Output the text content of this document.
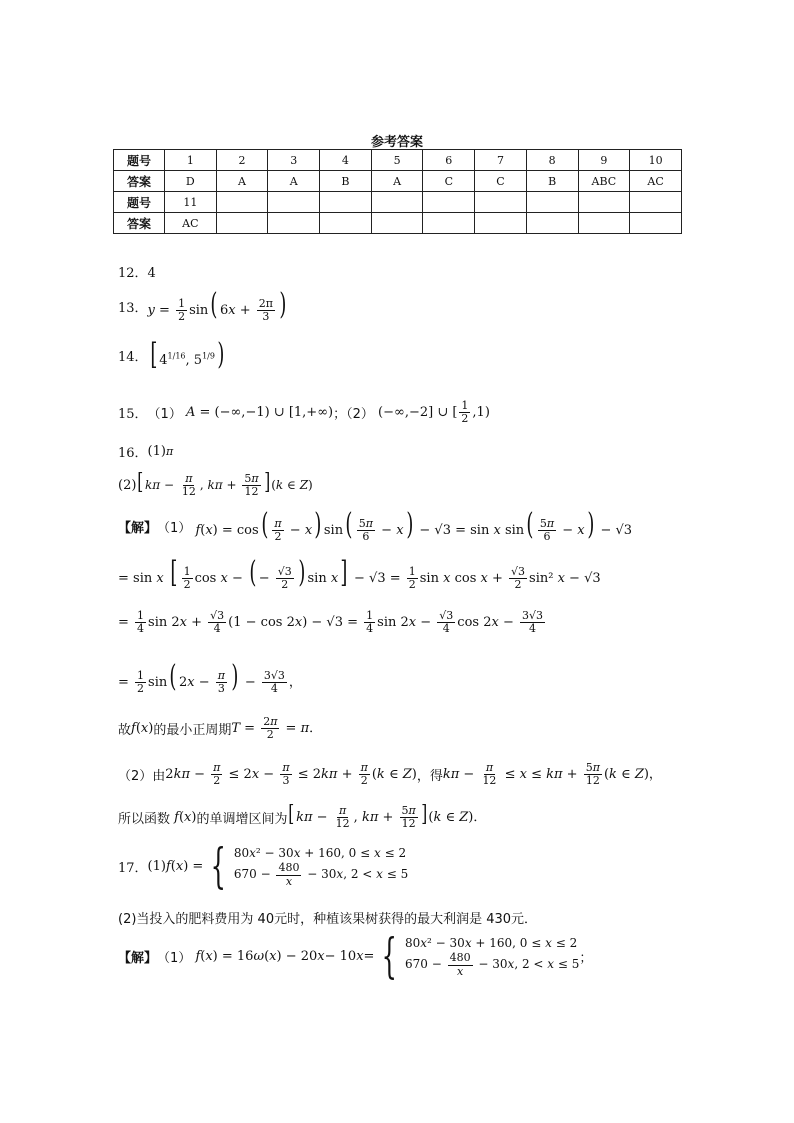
参考答案
题号	1	2	3	4	5	6	7	8	9	10
答案	D	A	A	B	A	C	C	B	ABC	AC
题号	11									
答案	AC									
12．4
13． $y = \frac{1}{2} \sin$( $6x + \frac{2\pi}{3}$ )
14． [ $4^{1/16}$, $5^{1/9}$)
15． （1） A = (−∞,−1) ∪ [1,+∞) ；（2） (−∞,−2] ∪ [ $\frac{1}{2} ,1$)
16． (1) π
(2) [$k\pi - \frac{\pi}{12}$ , $k\pi + \frac{5\pi}{12} ](k$ ∈ Z)
【解】 （1） $f(x) = \cos( \frac{\pi}{2} - x)$ $\sin( \frac{5\pi}{6} - x) - √3 = \sin x$ $\sin( \frac{5\pi}{6} - x) - √3$
= sin x [ $\frac{1}{2}$ cos x − ( − $\frac{√3}{2}$ ) $\sin x] - √3 = \frac{1}{2}$ sin x $\cos x + \frac{√3}{2} \sin^2$ x − √3
= $\frac{1}{4}$ $\sin 2x + \frac{√3}{4} (1 - \cos 2x) - √3 = \frac{1}{4}$ $\sin 2x - \frac{√3}{4}$ $\cos 2x - \frac{3√3}{4}$
= $\frac{1}{2} \sin$( $2x - \frac{\pi}{3}$ ) − $\frac{3√3}{4}$ ，
故 f(x) 的最小正周期 $T = \frac{2\pi}{2} = \pi$．
（2）由 $2k\pi - \frac{\pi}{2} \le 2x - \frac{\pi}{3} \le 2k\pi + \frac{\pi}{2} (k$ ∈ Z) ，得 $k\pi - \frac{\pi}{12} \le x \le k\pi + \frac{5\pi}{12} (k$ ∈ Z)，
所以函数 f(x) 的单调增区间为 [$k\pi - \frac{\pi}{12}$ , $k\pi + \frac{5\pi}{12} ](k$ ∈ Z)．
17． (1) f ( x ) = { 80x² − 30x + 160, 0 ≤ x ≤ 2
$670 - \frac{480}{x} - 30x$, 2 < x ≤ 5
(2)当投入的肥料费用为 40元时，种植该果树获得的最大利润是 430元．
【解】 （1）
f ( x ) = 16 ω ( x ) − 20 x − 10 x = { 80x² − 30x + 160, 0 ≤ x ≤ 2
$670 - \frac{480}{x} - 30x$, 2 < x ≤ 5 ；
